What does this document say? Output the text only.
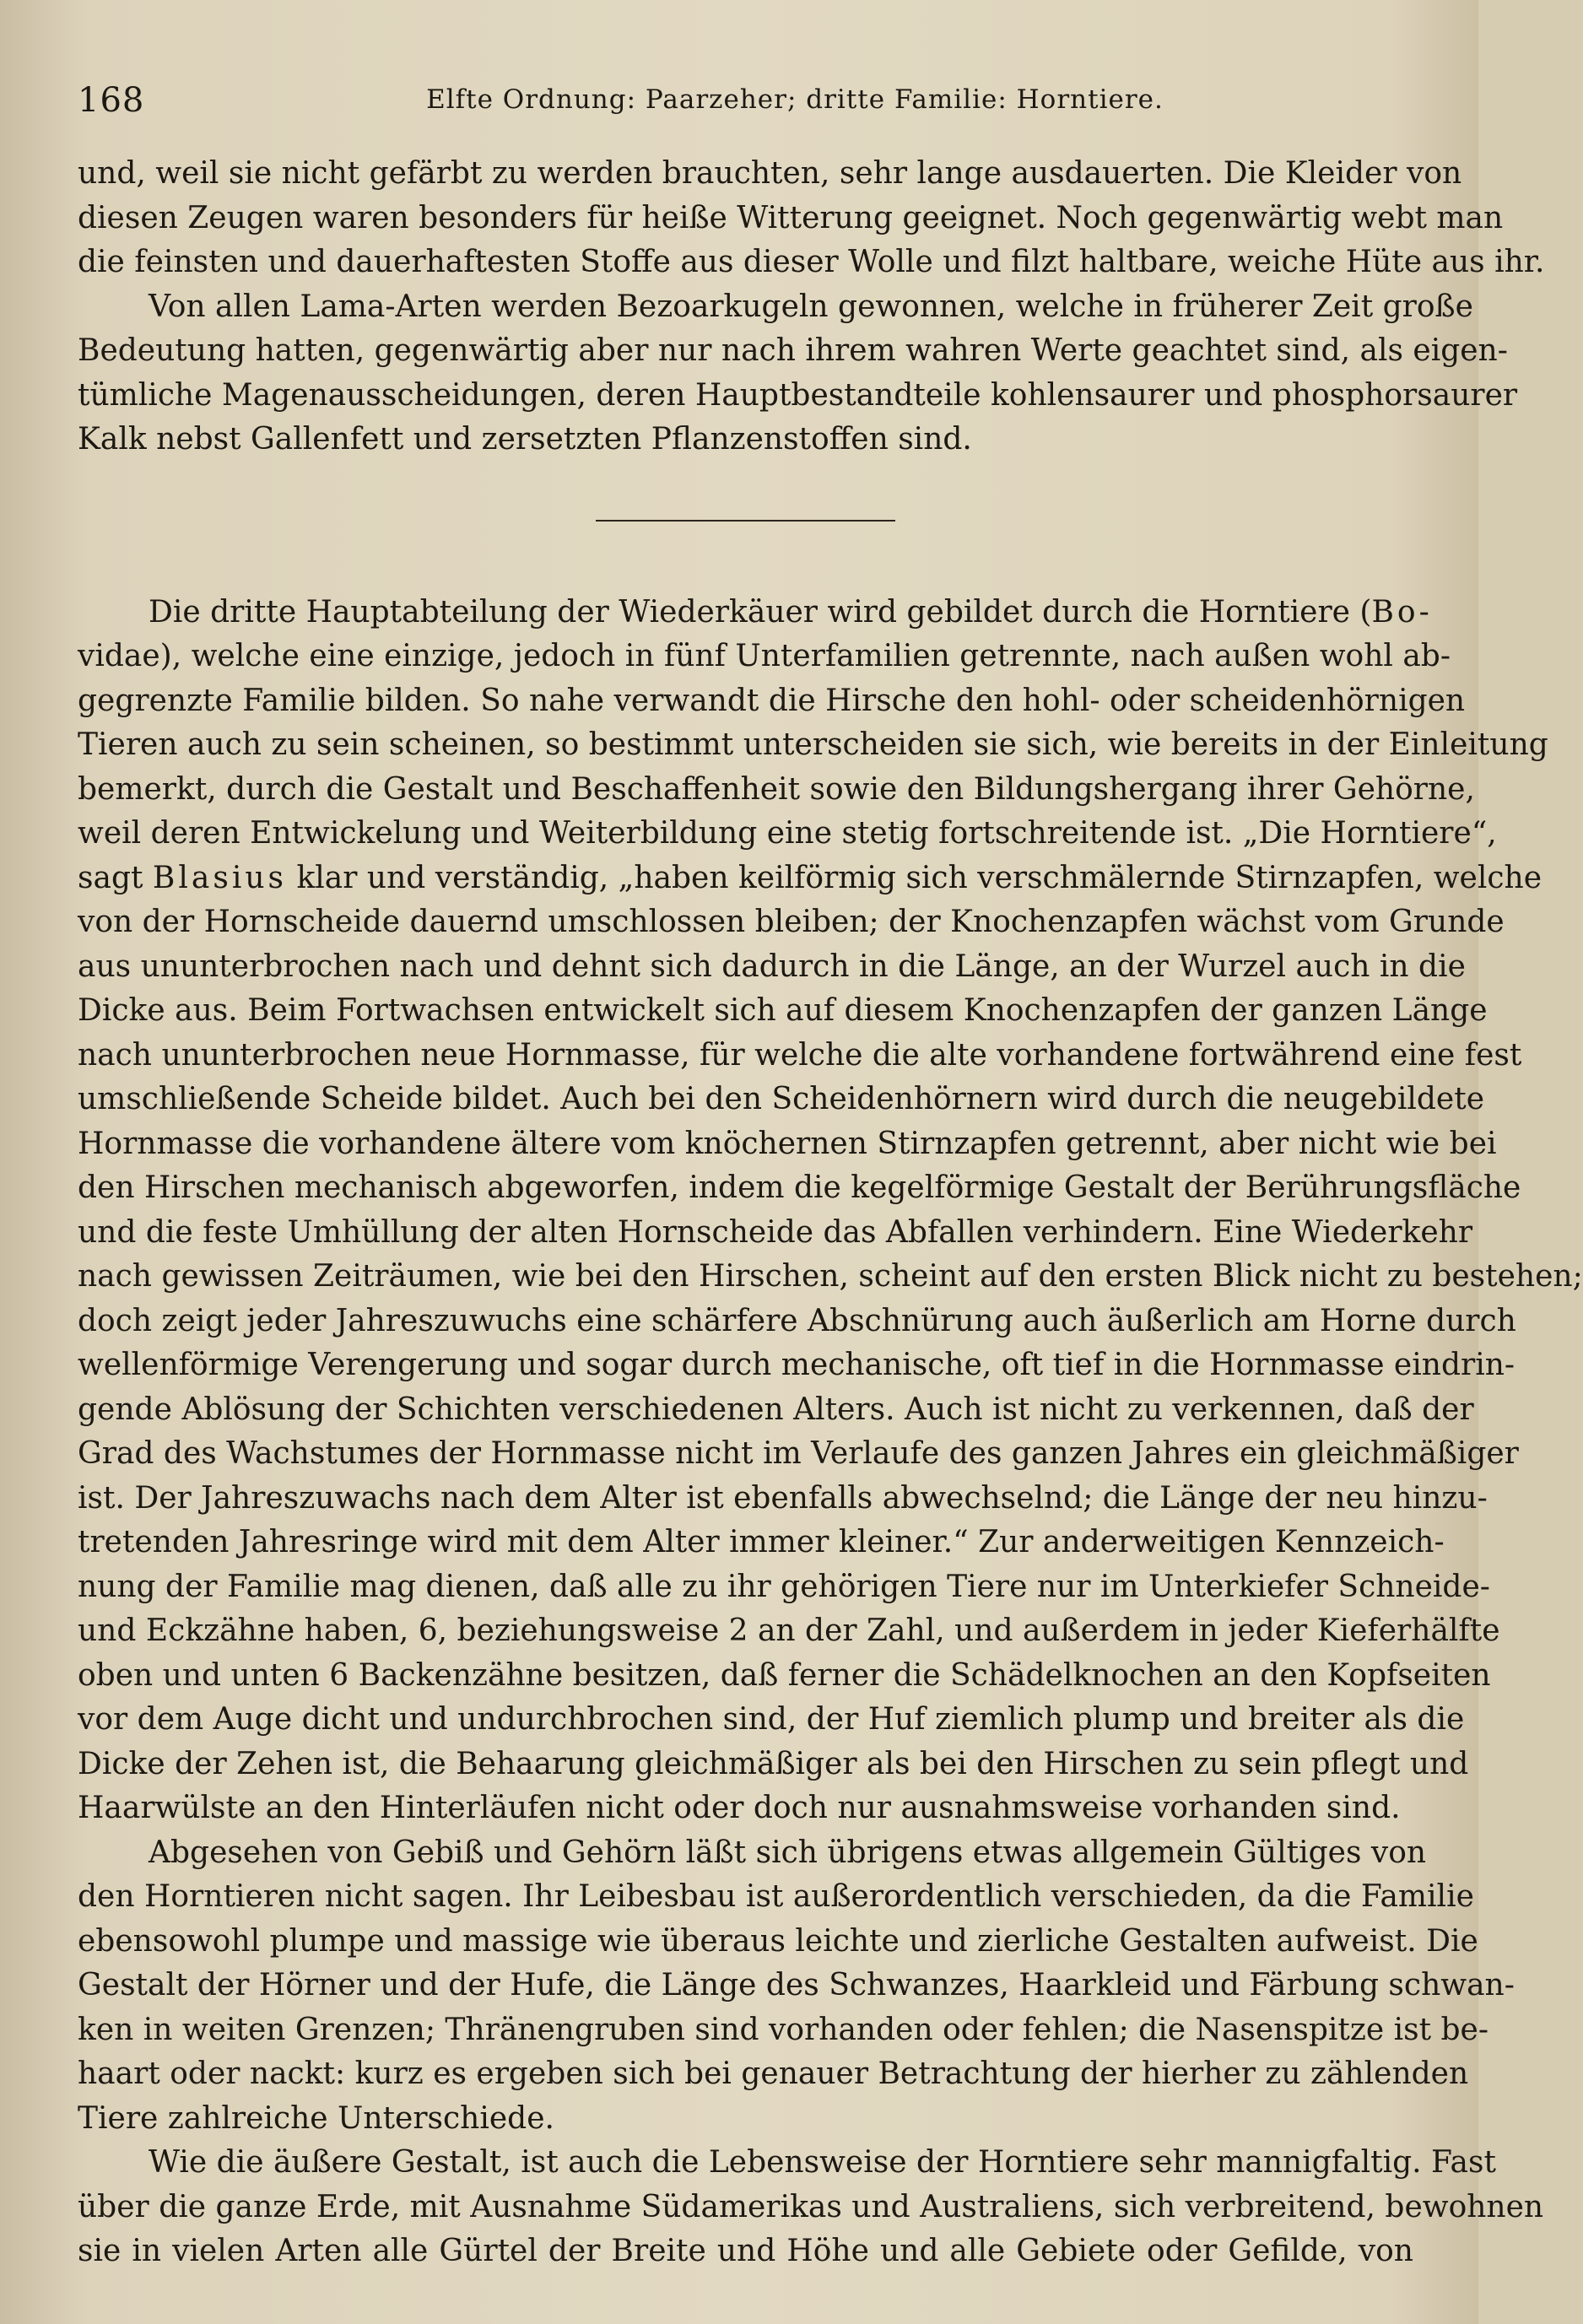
168	Elfte Ordnung: Paarzeher; dritte Familie: Horntiere.
und, weil sie nicht gefärbt zu werden brauchten, sehr lange ausdauerten. Die Kleider von
diesen Zeugen waren besonders für heiße Witterung geeignet. Noch gegenwärtig webt man
die feinsten und dauerhaftesten Stoffe aus dieser Wolle und filzt haltbare, weiche Hüte aus ihr.
Von allen Lama-Arten werden Bezoarkugeln gewonnen, welche in früherer Zeit große
Bedeutung hatten, gegenwärtig aber nur nach ihrem wahren Werte geachtet sind, als eigen-
tümliche Magenausscheidungen, deren Hauptbestandteile kohlensaurer und phosphorsaurer
Kalk nebst Gallenfett und zersetzten Pflanzenstoffen sind.
Die dritte Hauptabteilung der Wiederkäuer wird gebildet durch die Horntiere (Bo-
vidae), welche eine einzige, jedoch in fünf Unterfamilien getrennte, nach außen wohl ab-
gegrenzte Familie bilden. So nahe verwandt die Hirsche den hohl- oder scheidenhörnigen
Tieren auch zu sein scheinen, so bestimmt unterscheiden sie sich, wie bereits in der Einleitung
bemerkt, durch die Gestalt und Beschaffenheit sowie den Bildungshergang ihrer Gehörne,
weil deren Entwickelung und Weiterbildung eine stetig fortschreitende ist. „Die Horntiere“,
sagt Blasius klar und verständig, „haben keilförmig sich verschmälernde Stirnzapfen, welche
von der Hornscheide dauernd umschlossen bleiben; der Knochenzapfen wächst vom Grunde
aus ununterbrochen nach und dehnt sich dadurch in die Länge, an der Wurzel auch in die
Dicke aus. Beim Fortwachsen entwickelt sich auf diesem Knochenzapfen der ganzen Länge
nach ununterbrochen neue Hornmasse, für welche die alte vorhandene fortwährend eine fest
umschließende Scheide bildet. Auch bei den Scheidenhörnern wird durch die neugebildete
Hornmasse die vorhandene ältere vom knöchernen Stirnzapfen getrennt, aber nicht wie bei
den Hirschen mechanisch abgeworfen, indem die kegelförmige Gestalt der Berührungsfläche
und die feste Umhüllung der alten Hornscheide das Abfallen verhindern. Eine Wiederkehr
nach gewissen Zeiträumen, wie bei den Hirschen, scheint auf den ersten Blick nicht zu bestehen;
doch zeigt jeder Jahreszuwuchs eine schärfere Abschnürung auch äußerlich am Horne durch
wellenförmige Verengerung und sogar durch mechanische, oft tief in die Hornmasse eindrin-
gende Ablösung der Schichten verschiedenen Alters. Auch ist nicht zu verkennen, daß der
Grad des Wachstumes der Hornmasse nicht im Verlaufe des ganzen Jahres ein gleichmäßiger
ist. Der Jahreszuwachs nach dem Alter ist ebenfalls abwechselnd; die Länge der neu hinzu-
tretenden Jahresringe wird mit dem Alter immer kleiner.“ Zur anderweitigen Kennzeich-
nung der Familie mag dienen, daß alle zu ihr gehörigen Tiere nur im Unterkiefer Schneide-
und Eckzähne haben, 6, beziehungsweise 2 an der Zahl, und außerdem in jeder Kieferhälfte
oben und unten 6 Backenzähne besitzen, daß ferner die Schädelknochen an den Kopfseiten
vor dem Auge dicht und undurchbrochen sind, der Huf ziemlich plump und breiter als die
Dicke der Zehen ist, die Behaarung gleichmäßiger als bei den Hirschen zu sein pflegt und
Haarwülste an den Hinterläufen nicht oder doch nur ausnahmsweise vorhanden sind.
Abgesehen von Gebiß und Gehörn läßt sich übrigens etwas allgemein Gültiges von
den Horntieren nicht sagen. Ihr Leibesbau ist außerordentlich verschieden, da die Familie
ebensowohl plumpe und massige wie überaus leichte und zierliche Gestalten aufweist. Die
Gestalt der Hörner und der Hufe, die Länge des Schwanzes, Haarkleid und Färbung schwan-
ken in weiten Grenzen; Thränengruben sind vorhanden oder fehlen; die Nasenspitze ist be-
haart oder nackt: kurz es ergeben sich bei genauer Betrachtung der hierher zu zählenden
Tiere zahlreiche Unterschiede.
Wie die äußere Gestalt, ist auch die Lebensweise der Horntiere sehr mannigfaltig. Fast
über die ganze Erde, mit Ausnahme Südamerikas und Australiens, sich verbreitend, bewohnen
sie in vielen Arten alle Gürtel der Breite und Höhe und alle Gebiete oder Gefilde, von
